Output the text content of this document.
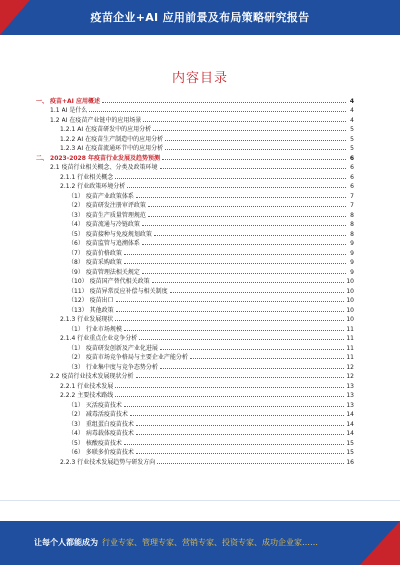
疫苗企业+AI 应用前景及布局策略研究报告
内容目录
一、 疫苗+AI 应用概述	4
1.1 AI 是什么	4
1.2 AI 在疫苗产业链中的应用场景	4
1.2.1 AI 在疫苗研发中的应用分析	5
1.2.2 AI 在疫苗生产制造中的应用分析	5
1.2.3 AI 在疫苗流通环节中的应用分析	5
二、 2023-2028 年疫苗行业发展及趋势预测	6
2.1 疫苗行业相关概念、分类及政策环境	6
2.1.1 行业相关概念	6
2.1.2 行业政策环境分析	6
（1） 疫苗产业政策体系	7
（2） 疫苗研发注册审评政策	7
（3） 疫苗生产质量管理规范	8
（4） 疫苗流通与冷链政策	8
（5） 疫苗接种与免疫规划政策	8
（6） 疫苗监管与追溯体系	9
（7） 疫苗价格政策	9
（8） 疫苗采购政策	9
（9） 疫苗管理法相关规定	9
（10） 疫苗国产替代相关政策	10
（11） 疫苗异常反应补偿与相关制度	10
（12） 疫苗出口	10
（13） 其他政策	10
2.1.3 行业发展现状	10
（1） 行业市场规模	11
2.1.4 行业重点企业竞争分析	11
（1） 疫苗研发创新及产业化进展	11
（2） 疫苗市场竞争格局与主要企业产能分析	11
（3） 行业集中度与竞争态势分析	12
2.2 疫苗行业技术发展现状分析	12
2.2.1 行业技术发展	13
2.2.2 主要技术路线	13
（1） 灭活疫苗技术	13
（2） 减毒活疫苗技术	14
（3） 重组蛋白疫苗技术	14
（4） 病毒载体疫苗技术	14
（5） 核酸疫苗技术	15
（6） 多联多价疫苗技术	15
2.2.3 行业技术发展趋势与研发方向	16
让每个人都能成为 行业专家、管理专家、营销专家、投资专家、成功企业家……
